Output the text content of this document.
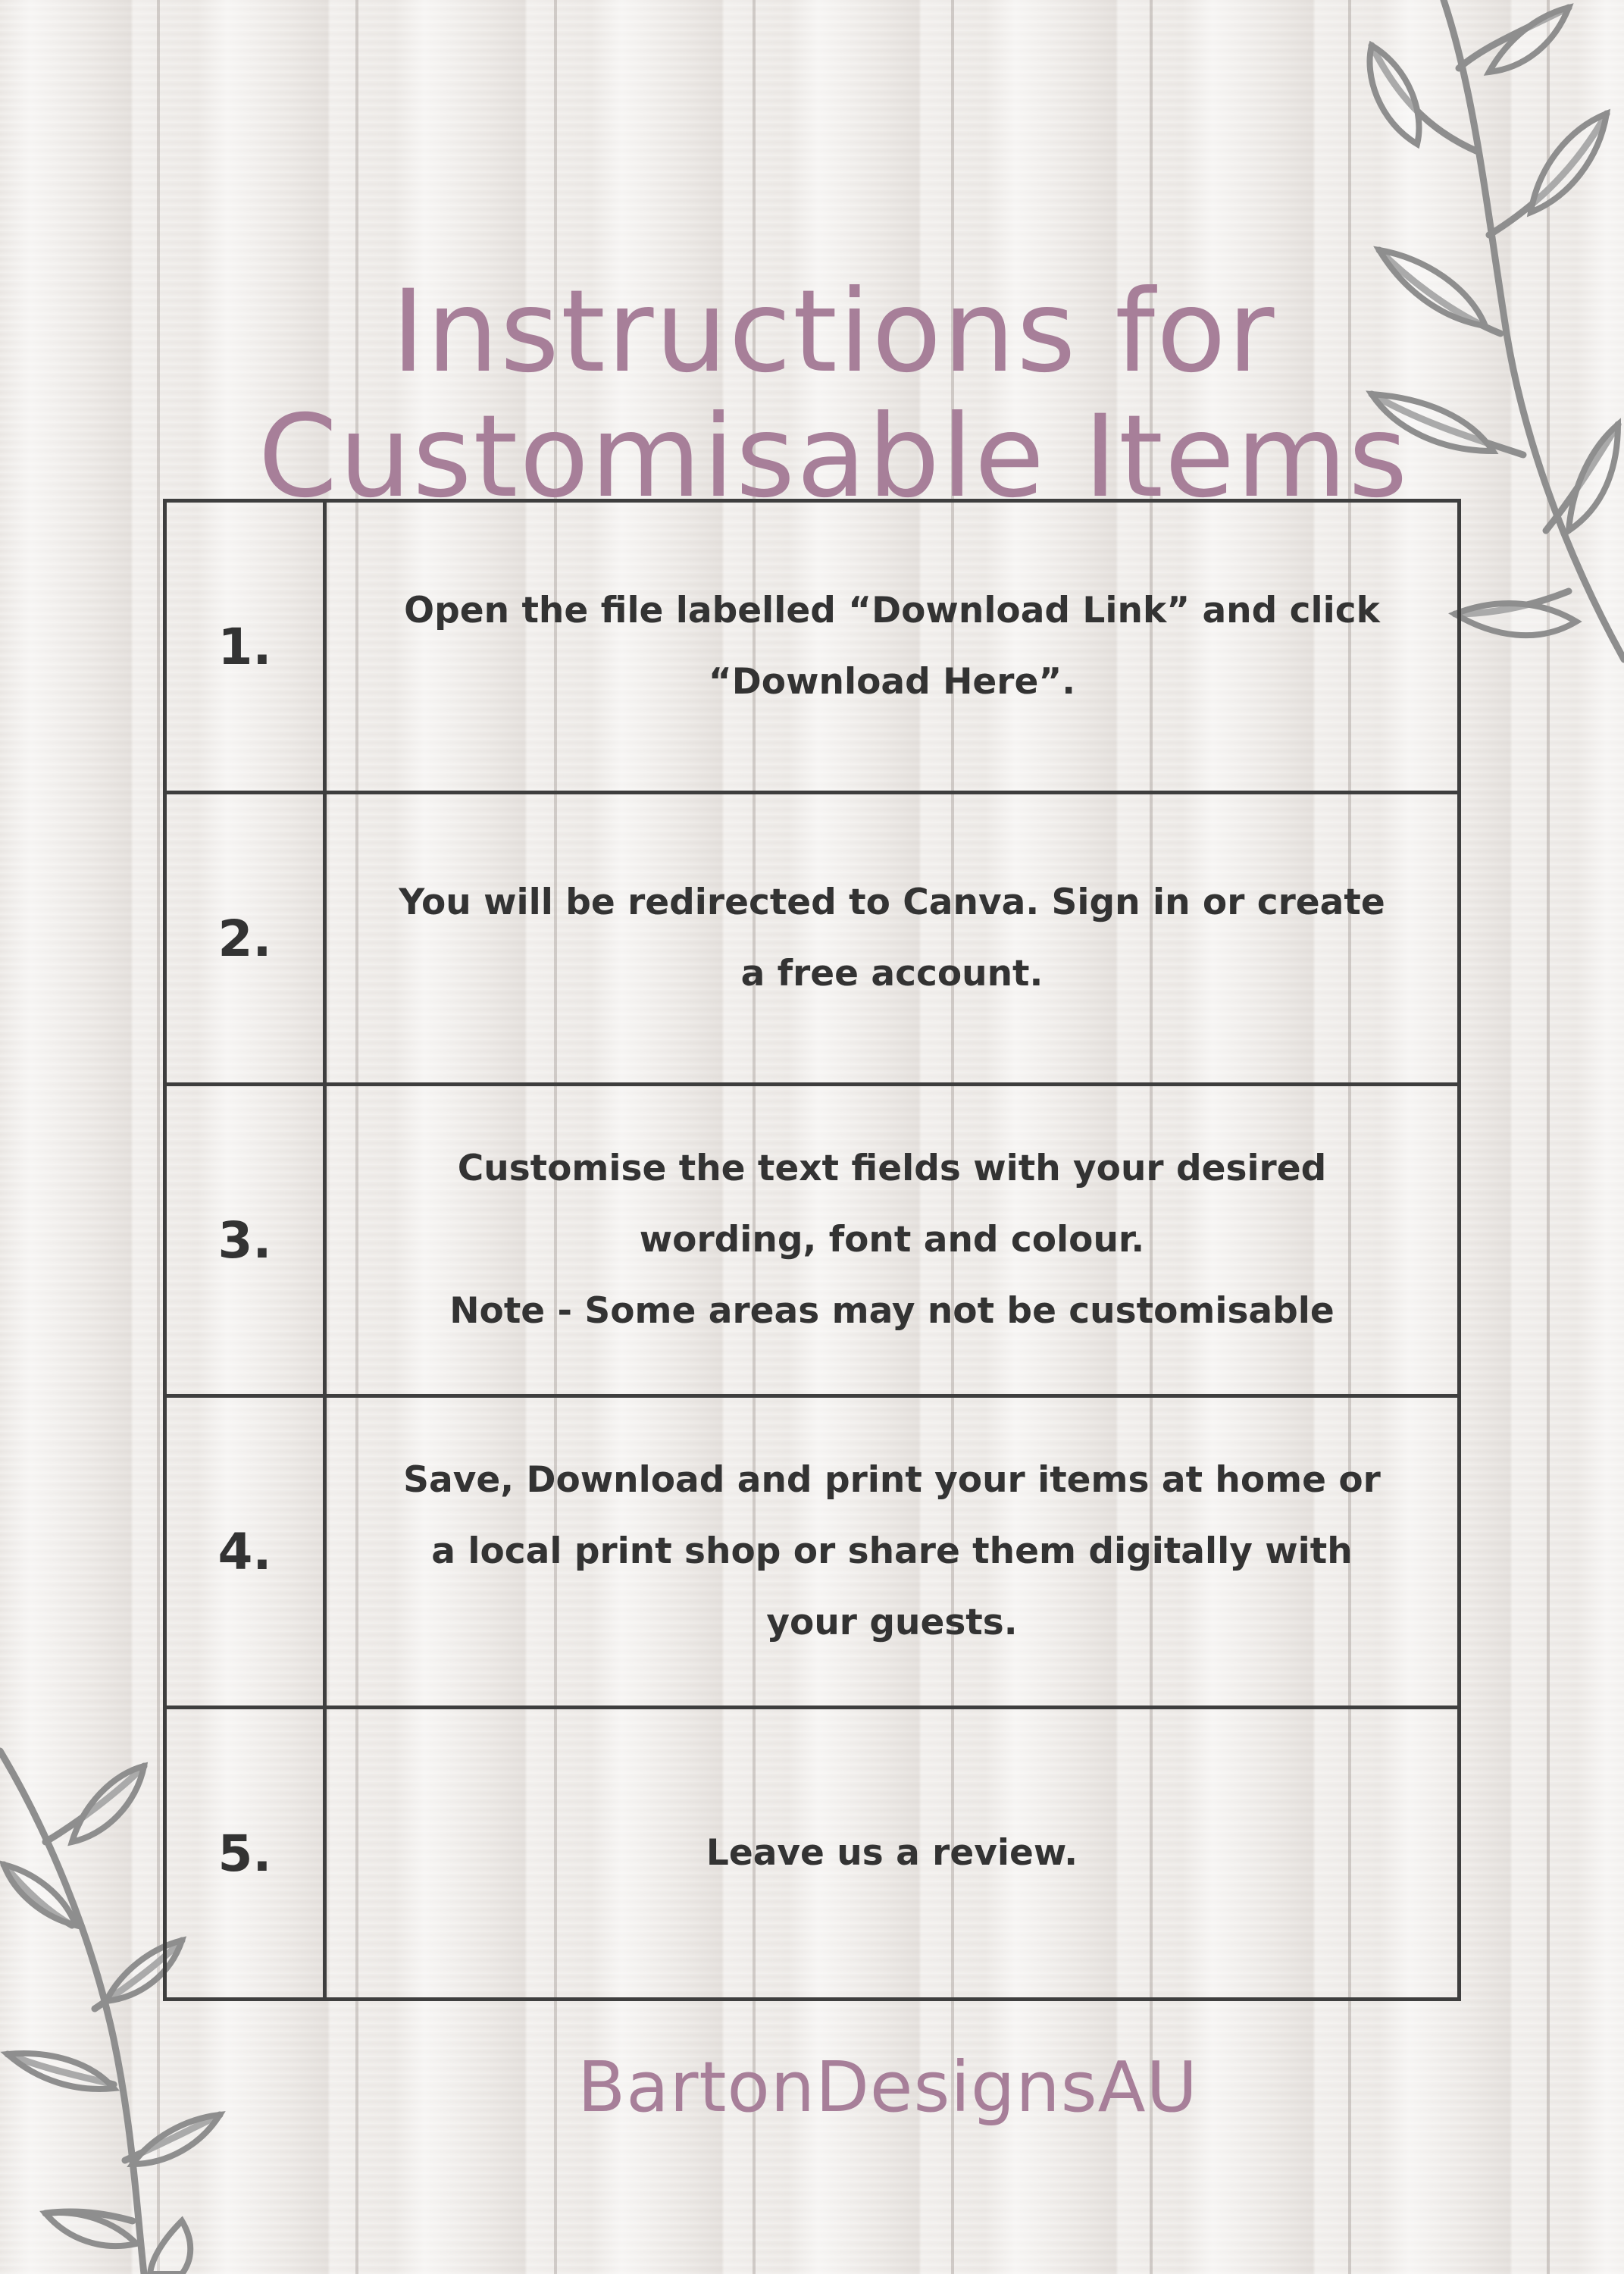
Instructions for
Customisable Items
1.	Open the file labelled “Download Link” and click
“Download Here”.

2.	You will be redirected to Canva. Sign in or create
a free account.

3.	Customise the text fields with your desired
wording, font and colour.
Note - Some areas may not be customisable

4.	Save, Download and print your items at home or
a local print shop or share them digitally with
your guests.

5.	Leave us a review.
BartonDesignsAU
